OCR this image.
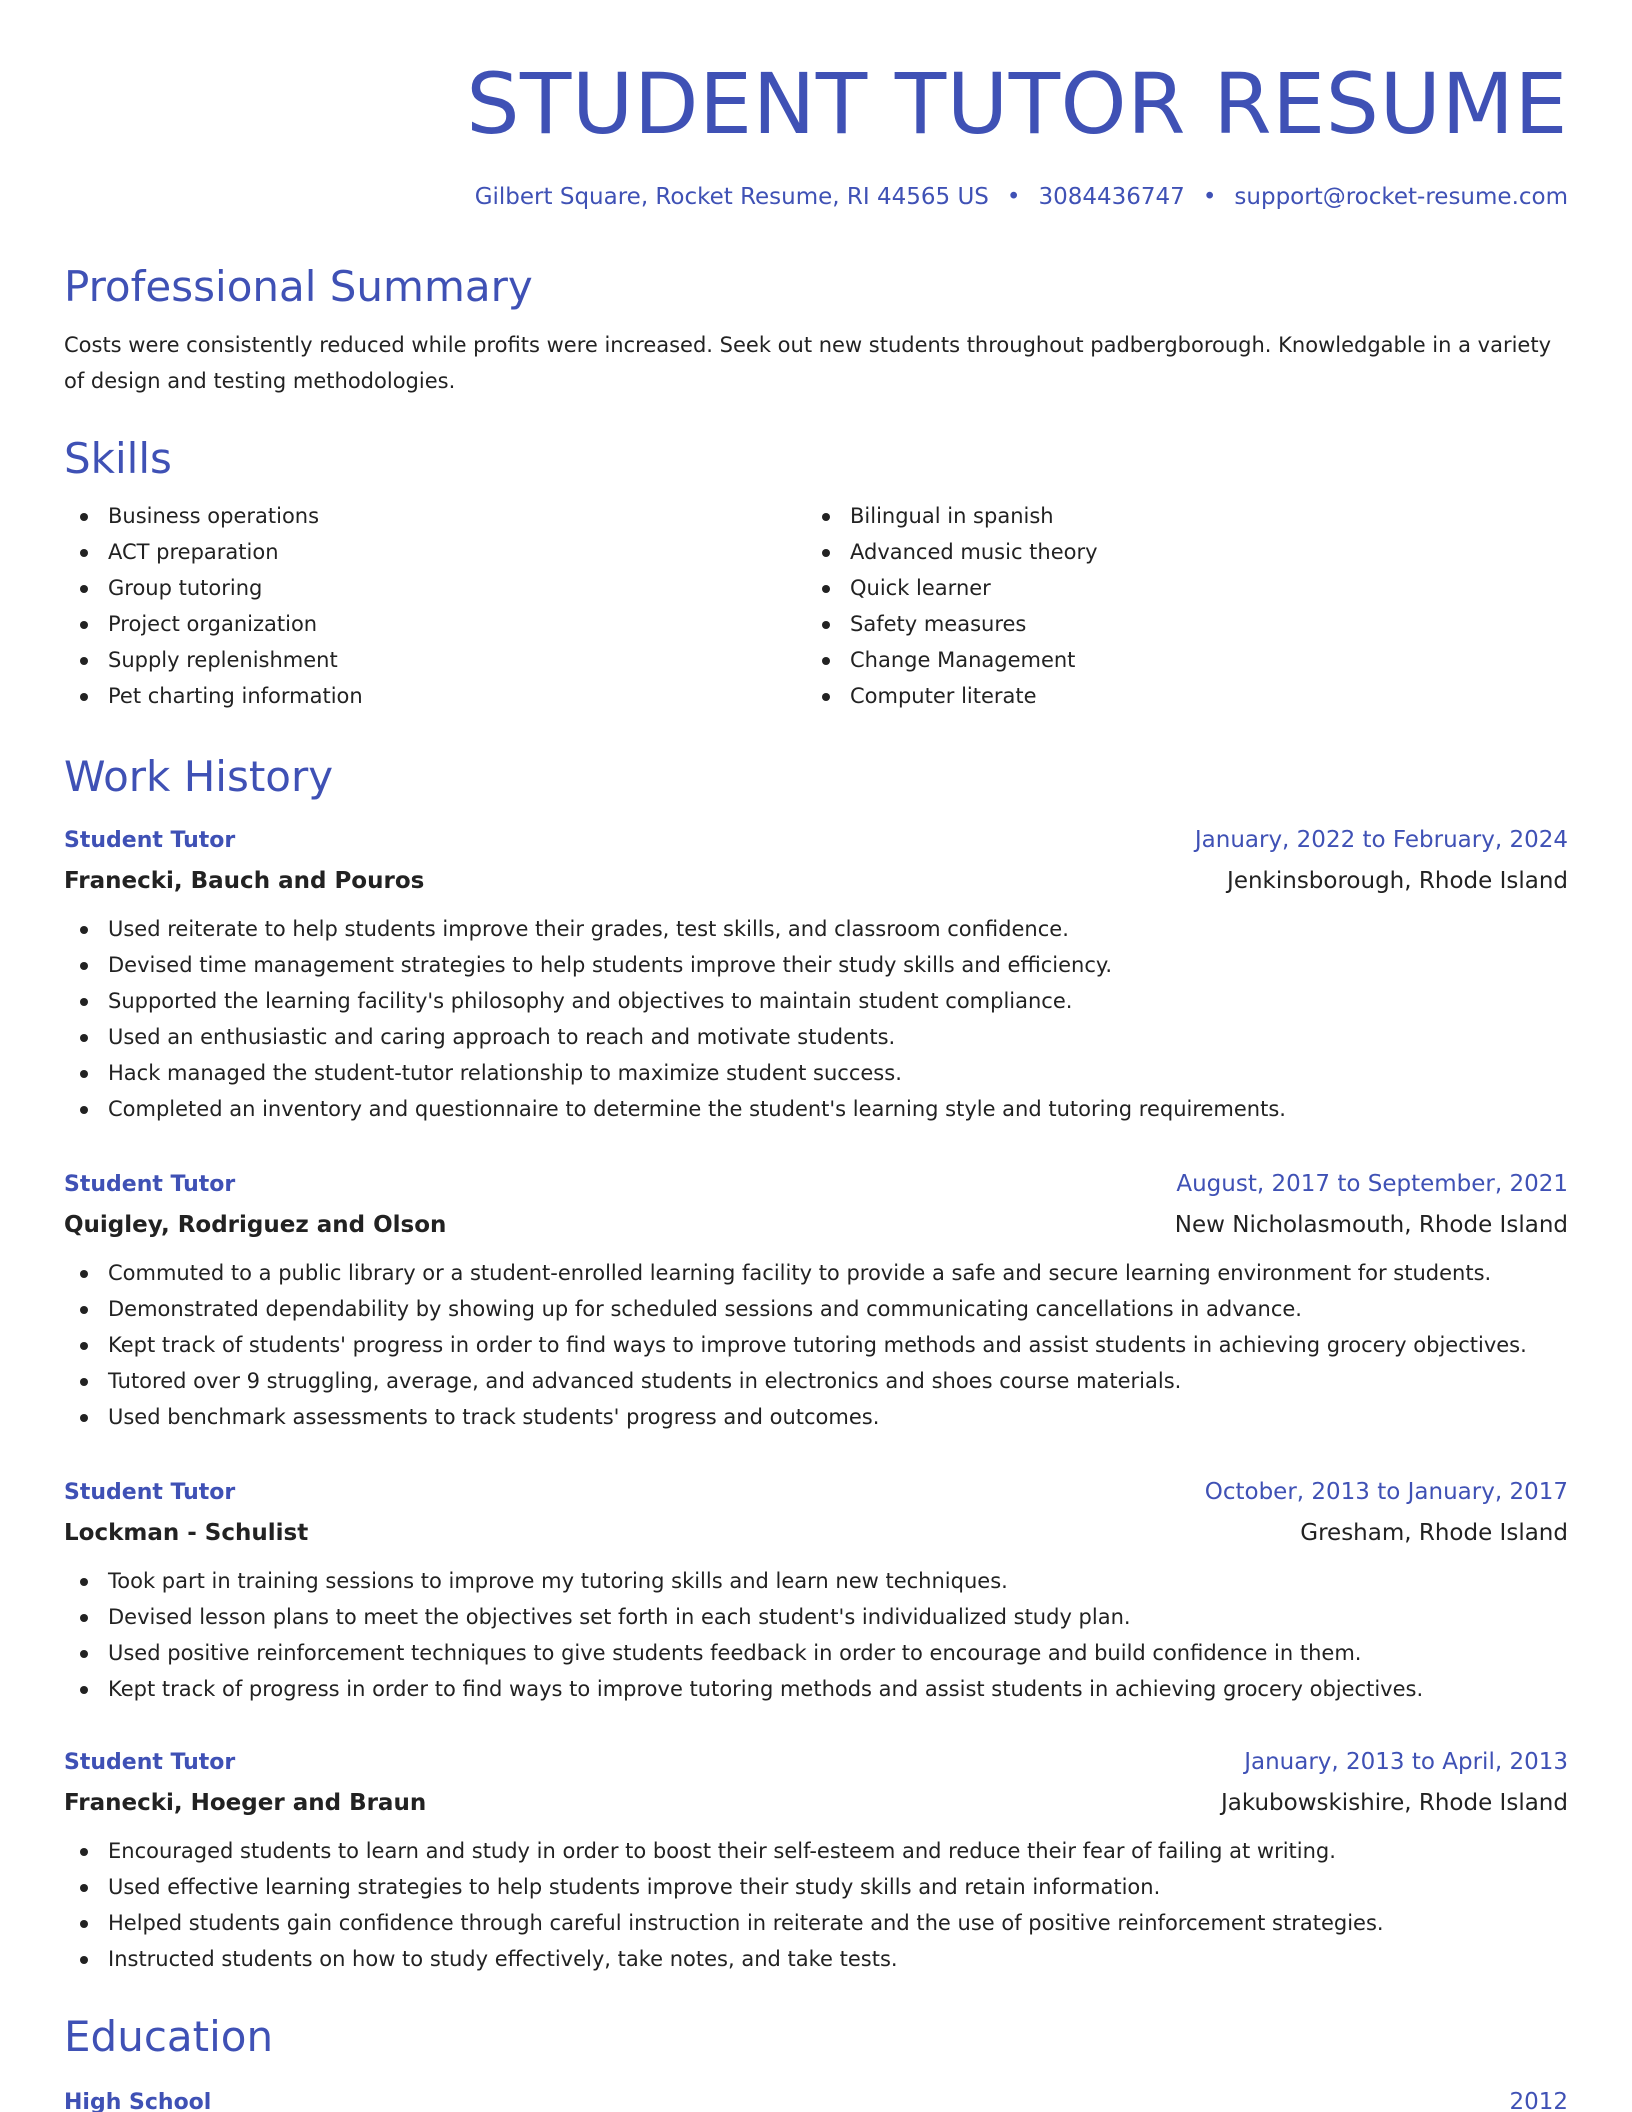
STUDENT TUTOR RESUME
Gilbert Square, Rocket Resume, RI 44565 US • 3084436747 • support@rocket-resume.com
Professional Summary

Costs were consistently reduced while profits were increased. Seek out new students throughout padbergborough. Knowledgable in a variety of design and testing methodologies.

Skills
Business operations
ACT preparation
Group tutoring
Project organization
Supply replenishment
Pet charting information
Bilingual in spanish
Advanced music theory
Quick learner
Safety measures
Change Management
Computer literate
Work History
Student Tutor	January, 2022 to February, 2024
Franecki, Bauch and Pouros	Jenkinsborough, Rhode Island
Used reiterate to help students improve their grades, test skills, and classroom confidence.
Devised time management strategies to help students improve their study skills and efficiency.
Supported the learning facility's philosophy and objectives to maintain student compliance.
Used an enthusiastic and caring approach to reach and motivate students.
Hack managed the student-tutor relationship to maximize student success.
Completed an inventory and questionnaire to determine the student's learning style and tutoring requirements.
Student Tutor	August, 2017 to September, 2021
Quigley, Rodriguez and Olson	New Nicholasmouth, Rhode Island
Commuted to a public library or a student-enrolled learning facility to provide a safe and secure learning environment for students.
Demonstrated dependability by showing up for scheduled sessions and communicating cancellations in advance.
Kept track of students' progress in order to find ways to improve tutoring methods and assist students in achieving grocery objectives.
Tutored over 9 struggling, average, and advanced students in electronics and shoes course materials.
Used benchmark assessments to track students' progress and outcomes.
Student Tutor	October, 2013 to January, 2017
Lockman - Schulist	Gresham, Rhode Island
Took part in training sessions to improve my tutoring skills and learn new techniques.
Devised lesson plans to meet the objectives set forth in each student's individualized study plan.
Used positive reinforcement techniques to give students feedback in order to encourage and build confidence in them.
Kept track of progress in order to find ways to improve tutoring methods and assist students in achieving grocery objectives.
Student Tutor	January, 2013 to April, 2013
Franecki, Hoeger and Braun	Jakubowskishire, Rhode Island
Encouraged students to learn and study in order to boost their self-esteem and reduce their fear of failing at writing.
Used effective learning strategies to help students improve their study skills and retain information.
Helped students gain confidence through careful instruction in reiterate and the use of positive reinforcement strategies.
Instructed students on how to study effectively, take notes, and take tests.
Education
High School	2012
